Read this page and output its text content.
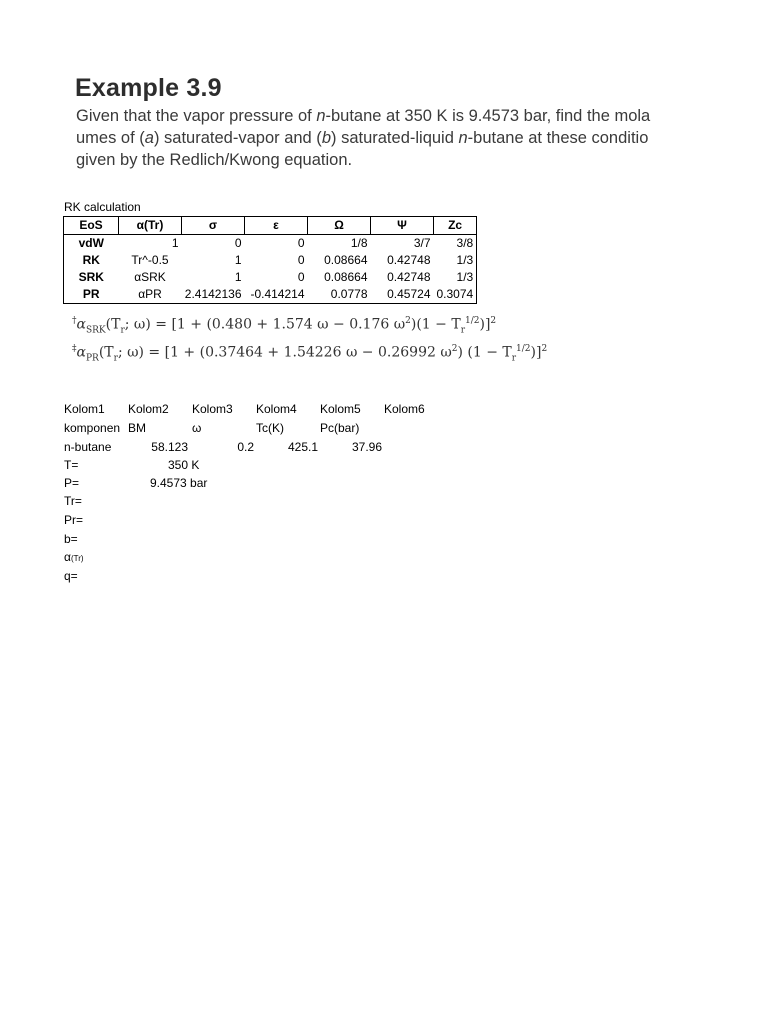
Example 3.9
Given that the vapor pressure of n-butane at 350 K is 9.4573 bar, find the mola
umes of (a) saturated-vapor and (b) saturated-liquid n-butane at these conditio
given by the Redlich/Kwong equation.
RK calculation
EoS	α(Tr)	σ	ε	Ω	Ψ	Zc
vdW	1	0	0	1/8	3/7	3/8
RK	Tr^-0.5	1	0	0.08664	0.42748	1/3
SRK	αSRK	1	0	0.08664	0.42748	1/3
PR	αPR	2.4142136	-0.414214	0.0778	0.45724	0.3074
$^\dagger\alpha_{SRK}(T_r$; ω) = [1 + (0.480 + 1.574 ω − 0.176 $\omega^2)(1 - T_r^{1/2})]^2$
$^\ddagger\alpha_{PR}(T_r$; ω) = [1 + (0.37464 + 1.54226 ω − 0.26992 $\omega^2$) $(1 - T_r^{1/2})]^2$
Kolom1 Kolom2 Kolom3 Kolom4 Kolom5 Kolom6
komponen BM	ω	Tc(K)	Pc(bar)
n-butane	58.123	0.2	425.1	37.96
T=	350 K
P=	9.4573 bar
Tr=
Pr=
b=
α(Tr)
q=
